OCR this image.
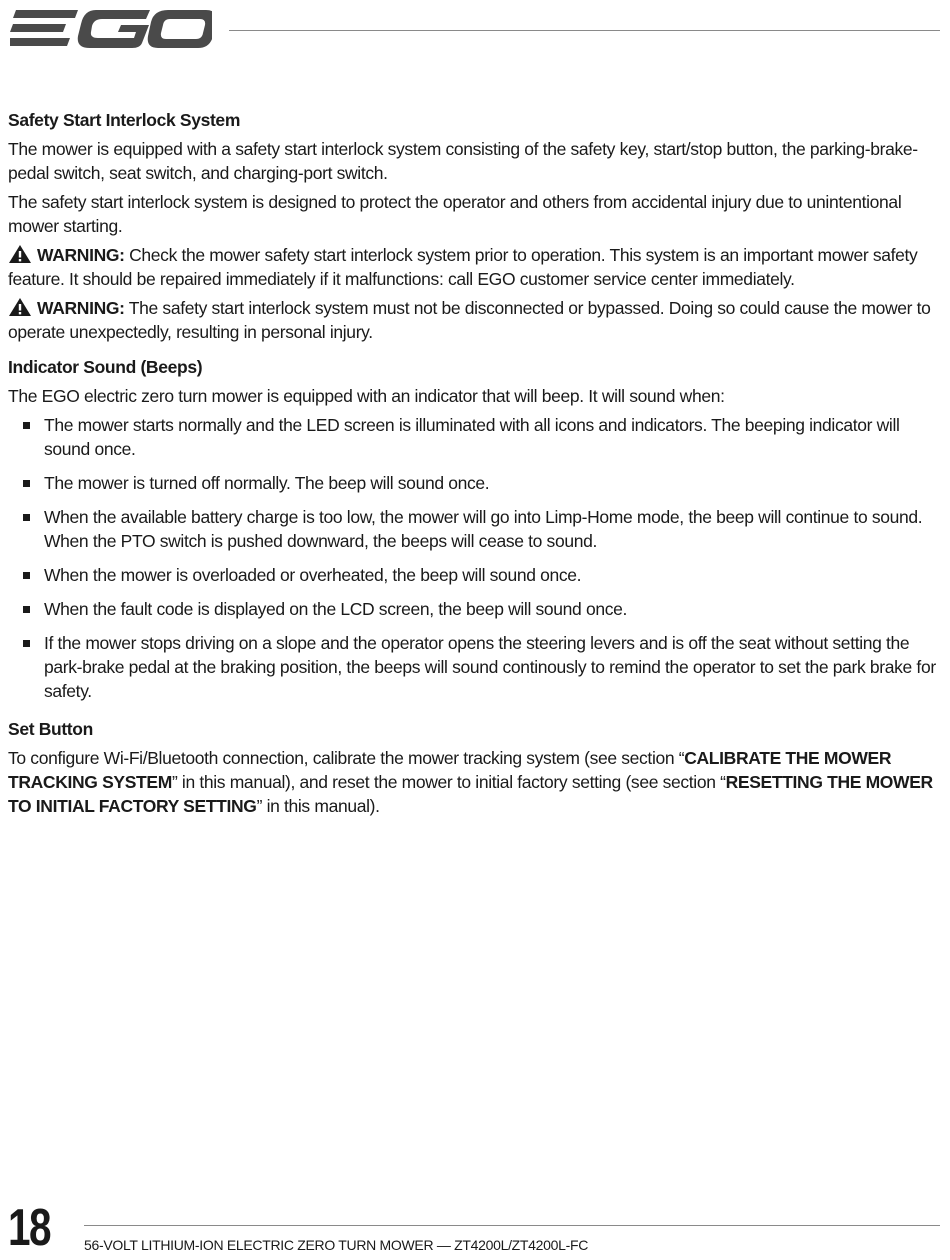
Safety Start Interlock System

The mower is equipped with a safety start interlock system consisting of the safety key, start/stop button, the parking-brake-pedal switch, seat switch, and charging-port switch.

The safety start interlock system is designed to protect the operator and others from accidental injury due to unintentional mower starting.

WARNING: Check the mower safety start interlock system prior to operation. This system is an important mower safety feature. It should be repaired immediately if it malfunctions: call EGO customer service center immediately.

WARNING: The safety start interlock system must not be disconnected or bypassed. Doing so could cause the mower to operate unexpectedly, resulting in personal injury.

Indicator Sound (Beeps)

The EGO electric zero turn mower is equipped with an indicator that will beep. It will sound when:

The mower starts normally and the LED screen is illuminated with all icons and indicators. The beeping indicator will sound once.
The mower is turned off normally. The beep will sound once.
When the available battery charge is too low, the mower will go into Limp-Home mode, the beep will continue to sound. When the PTO switch is pushed downward, the beeps will cease to sound.
When the mower is overloaded or overheated, the beep will sound once.
When the fault code is displayed on the LCD screen, the beep will sound once.
If the mower stops driving on a slope and the operator opens the steering levers and is off the seat without setting the park-brake pedal at the braking position, the beeps will sound continously to remind the operator to set the park brake for safety.
Set Button

To configure Wi-Fi/Bluetooth connection, calibrate the mower tracking system (see section “CALIBRATE THE MOWER TRACKING SYSTEM” in this manual), and reset the mower to initial factory setting (see section “RESETTING THE MOWER TO INITIAL FACTORY SETTING” in this manual).

18 56-VOLT LITHIUM-ION ELECTRIC ZERO TURN MOWER — ZT4200L/ZT4200L-FC
